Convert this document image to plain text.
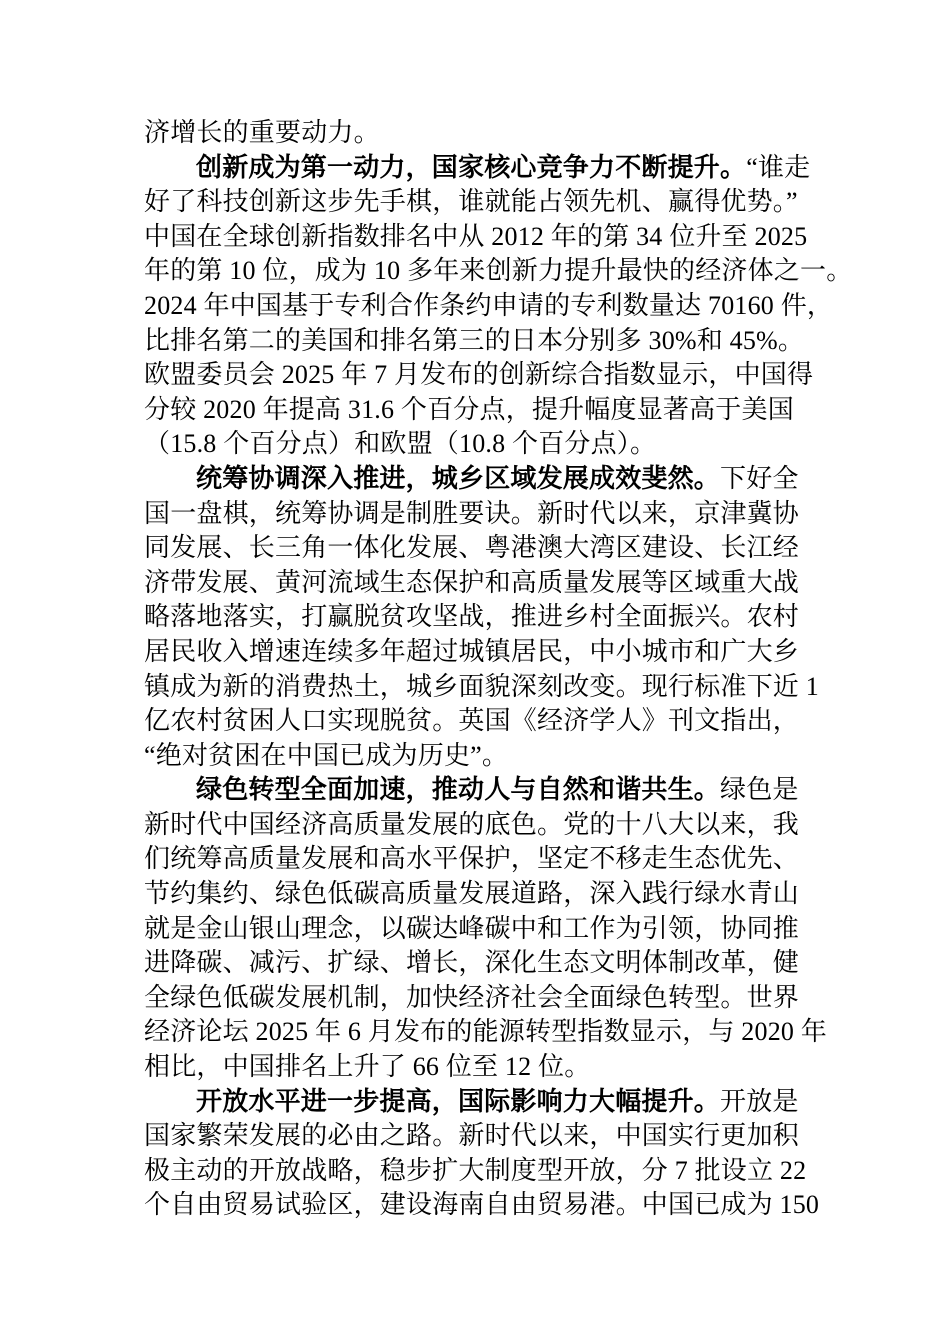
济增长的重要动力。
创新成为第一动力，国家核心竞争力不断提升。“谁走
好了科技创新这步先手棋，谁就能占领先机、赢得优势。”
中国在全球创新指数排名中从 2012 年的第 34 位升至 2025
年的第 10 位，成为 10 多年来创新力提升最快的经济体之一。
2024 年中国基于专利合作条约申请的专利数量达 70160 件，
比排名第二的美国和排名第三的日本分别多 30%和 45%。
欧盟委员会 2025 年 7 月发布的创新综合指数显示，中国得
分较 2020 年提高 31.6 个百分点，提升幅度显著高于美国
（15.8 个百分点）和欧盟（10.8 个百分点）。
统筹协调深入推进，城乡区域发展成效斐然。下好全
国一盘棋，统筹协调是制胜要诀。新时代以来，京津冀协
同发展、长三角一体化发展、粤港澳大湾区建设、长江经
济带发展、黄河流域生态保护和高质量发展等区域重大战
略落地落实，打赢脱贫攻坚战，推进乡村全面振兴。农村
居民收入增速连续多年超过城镇居民，中小城市和广大乡
镇成为新的消费热土，城乡面貌深刻改变。现行标准下近 1
亿农村贫困人口实现脱贫。英国《经济学人》刊文指出，
“绝对贫困在中国已成为历史”。
绿色转型全面加速，推动人与自然和谐共生。绿色是
新时代中国经济高质量发展的底色。党的十八大以来，我
们统筹高质量发展和高水平保护，坚定不移走生态优先、
节约集约、绿色低碳高质量发展道路，深入践行绿水青山
就是金山银山理念，以碳达峰碳中和工作为引领，协同推
进降碳、减污、扩绿、增长，深化生态文明体制改革，健
全绿色低碳发展机制，加快经济社会全面绿色转型。世界
经济论坛 2025 年 6 月发布的能源转型指数显示，与 2020 年
相比，中国排名上升了 66 位至 12 位。
开放水平进一步提高，国际影响力大幅提升。开放是
国家繁荣发展的必由之路。新时代以来，中国实行更加积
极主动的开放战略，稳步扩大制度型开放，分 7 批设立 22
个自由贸易试验区，建设海南自由贸易港。中国已成为 150
